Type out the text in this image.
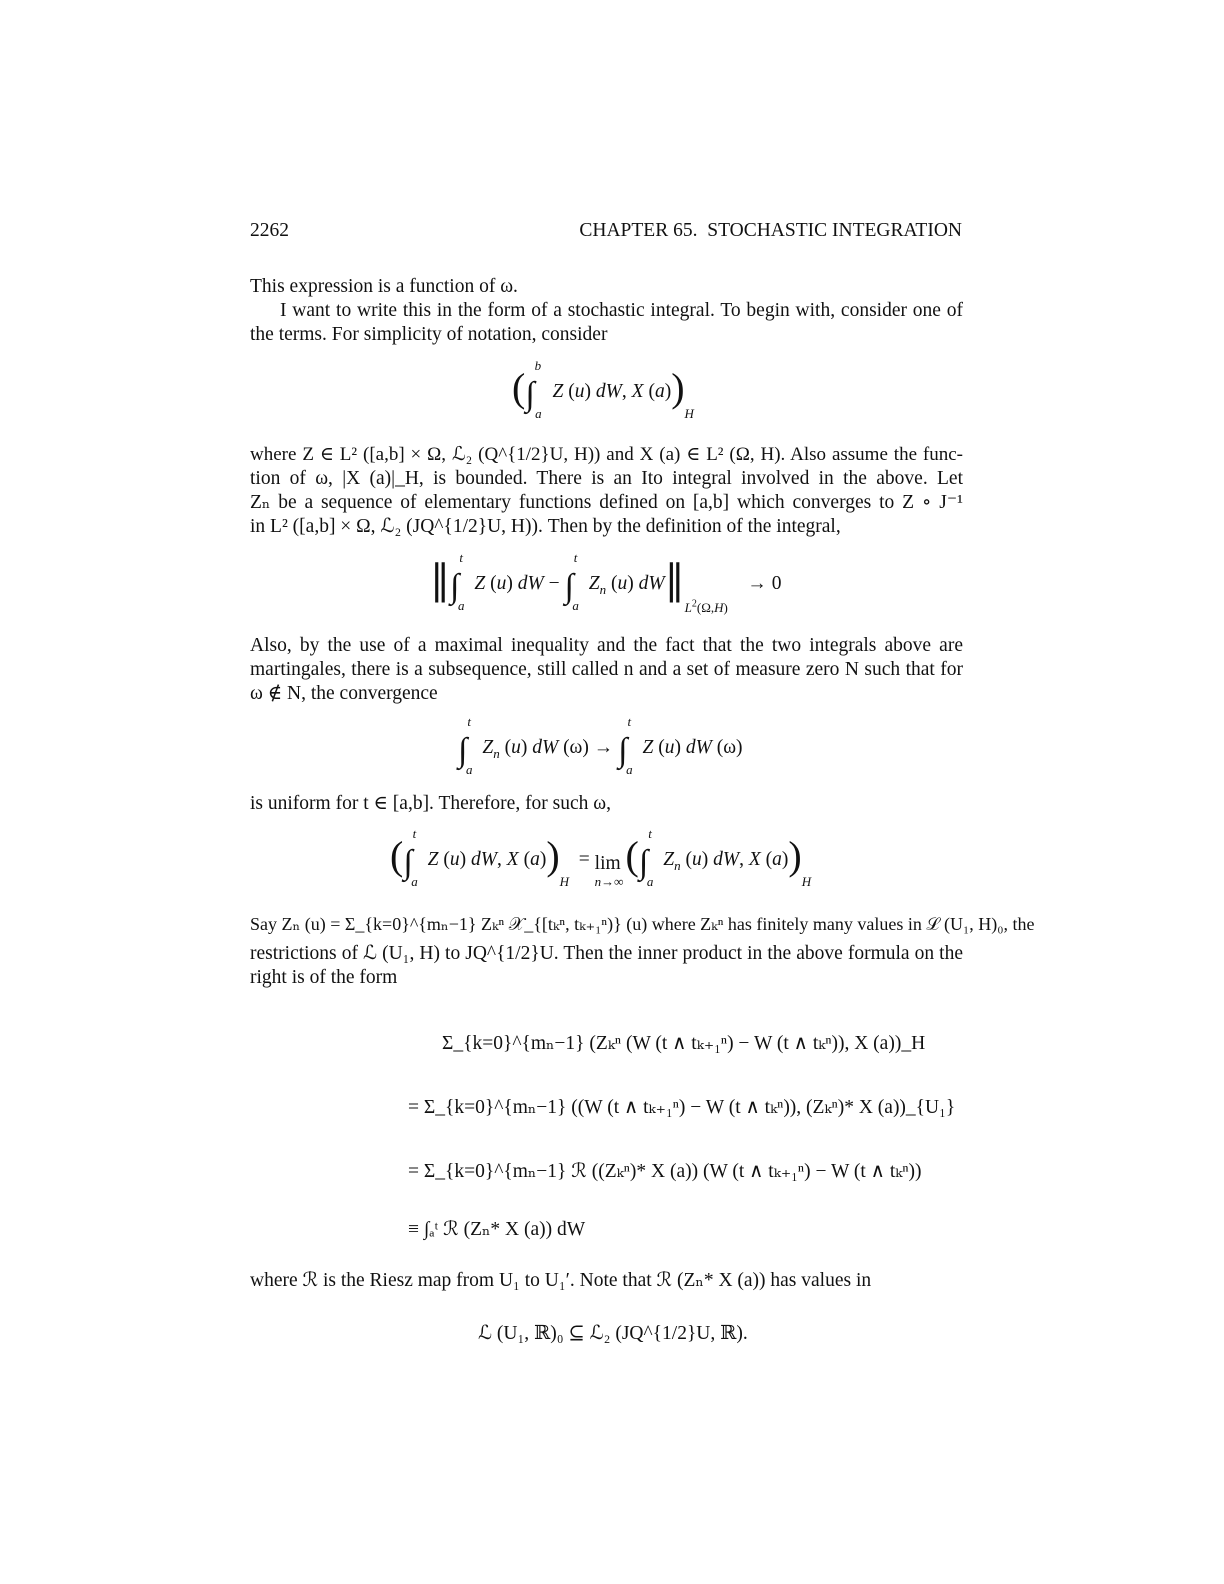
2262	CHAPTER 65.  STOCHASTIC INTEGRATION
This expression is a function of ω.
I want to write this in the form of a stochastic integral. To begin with, consider one of
the terms. For simplicity of notation, consider
(∫$^b_a$ Z (u) dW, X $(a))_H$
where Z ∈ L² ([a,b] × Ω, ℒ₂ (Q^{1/2}U, H)) and X (a) ∈ L² (Ω, H). Also assume the func-
tion of ω, |X (a)|_H, is bounded. There is an Ito integral involved in the above. Let
Zₙ be a sequence of elementary functions defined on [a,b] which converges to Z ∘ J⁻¹
in L² ([a,b] × Ω, ℒ₂ (JQ^{1/2}U, H)). Then by the definition of the integral,
‖∫$^t_a$ Z (u) dW − ∫$^t_a$ $Z_n$ (u) $dW‖_{L^2(\Omega,H)}$    → 0
Also, by the use of a maximal inequality and the fact that the two integrals above are
martingales, there is a subsequence, still called n and a set of measure zero N such that for
ω ∉ N, the convergence
∫$^t_a$ $Z_n$ (u) dW (ω) → ∫$^t_a$ Z (u) dW (ω)
is uniform for t ∈ [a,b]. Therefore, for such ω,
(∫$^t_a$ Z (u) dW, X $(a))_H = \lim$
n→∞
(∫$^t_a$ $Z_n$ (u) dW, X $(a))_H$
Say Zₙ (u) = Σ_{k=0}^{mₙ−1} Zₖⁿ 𝒳_{[tₖⁿ, tₖ₊₁ⁿ)} (u) where Zₖⁿ has finitely many values in ℒ (U₁, H)₀, the
restrictions of ℒ (U₁, H) to JQ^{1/2}U. Then the inner product in the above formula on the
right is of the form
Σ_{k=0}^{mₙ−1} (Zₖⁿ (W (t ∧ tₖ₊₁ⁿ) − W (t ∧ tₖⁿ)), X (a))_H
= Σ_{k=0}^{mₙ−1} ((W (t ∧ tₖ₊₁ⁿ) − W (t ∧ tₖⁿ)), (Zₖⁿ)* X (a))_{U₁}
= Σ_{k=0}^{mₙ−1} ℛ ((Zₖⁿ)* X (a)) (W (t ∧ tₖ₊₁ⁿ) − W (t ∧ tₖⁿ))
≡ ∫ₐᵗ ℛ (Zₙ* X (a)) dW
where ℛ is the Riesz map from U₁ to U₁′. Note that ℛ (Zₙ* X (a)) has values in
ℒ (U₁, ℝ)₀ ⊆ ℒ₂ (JQ^{1/2}U, ℝ).
